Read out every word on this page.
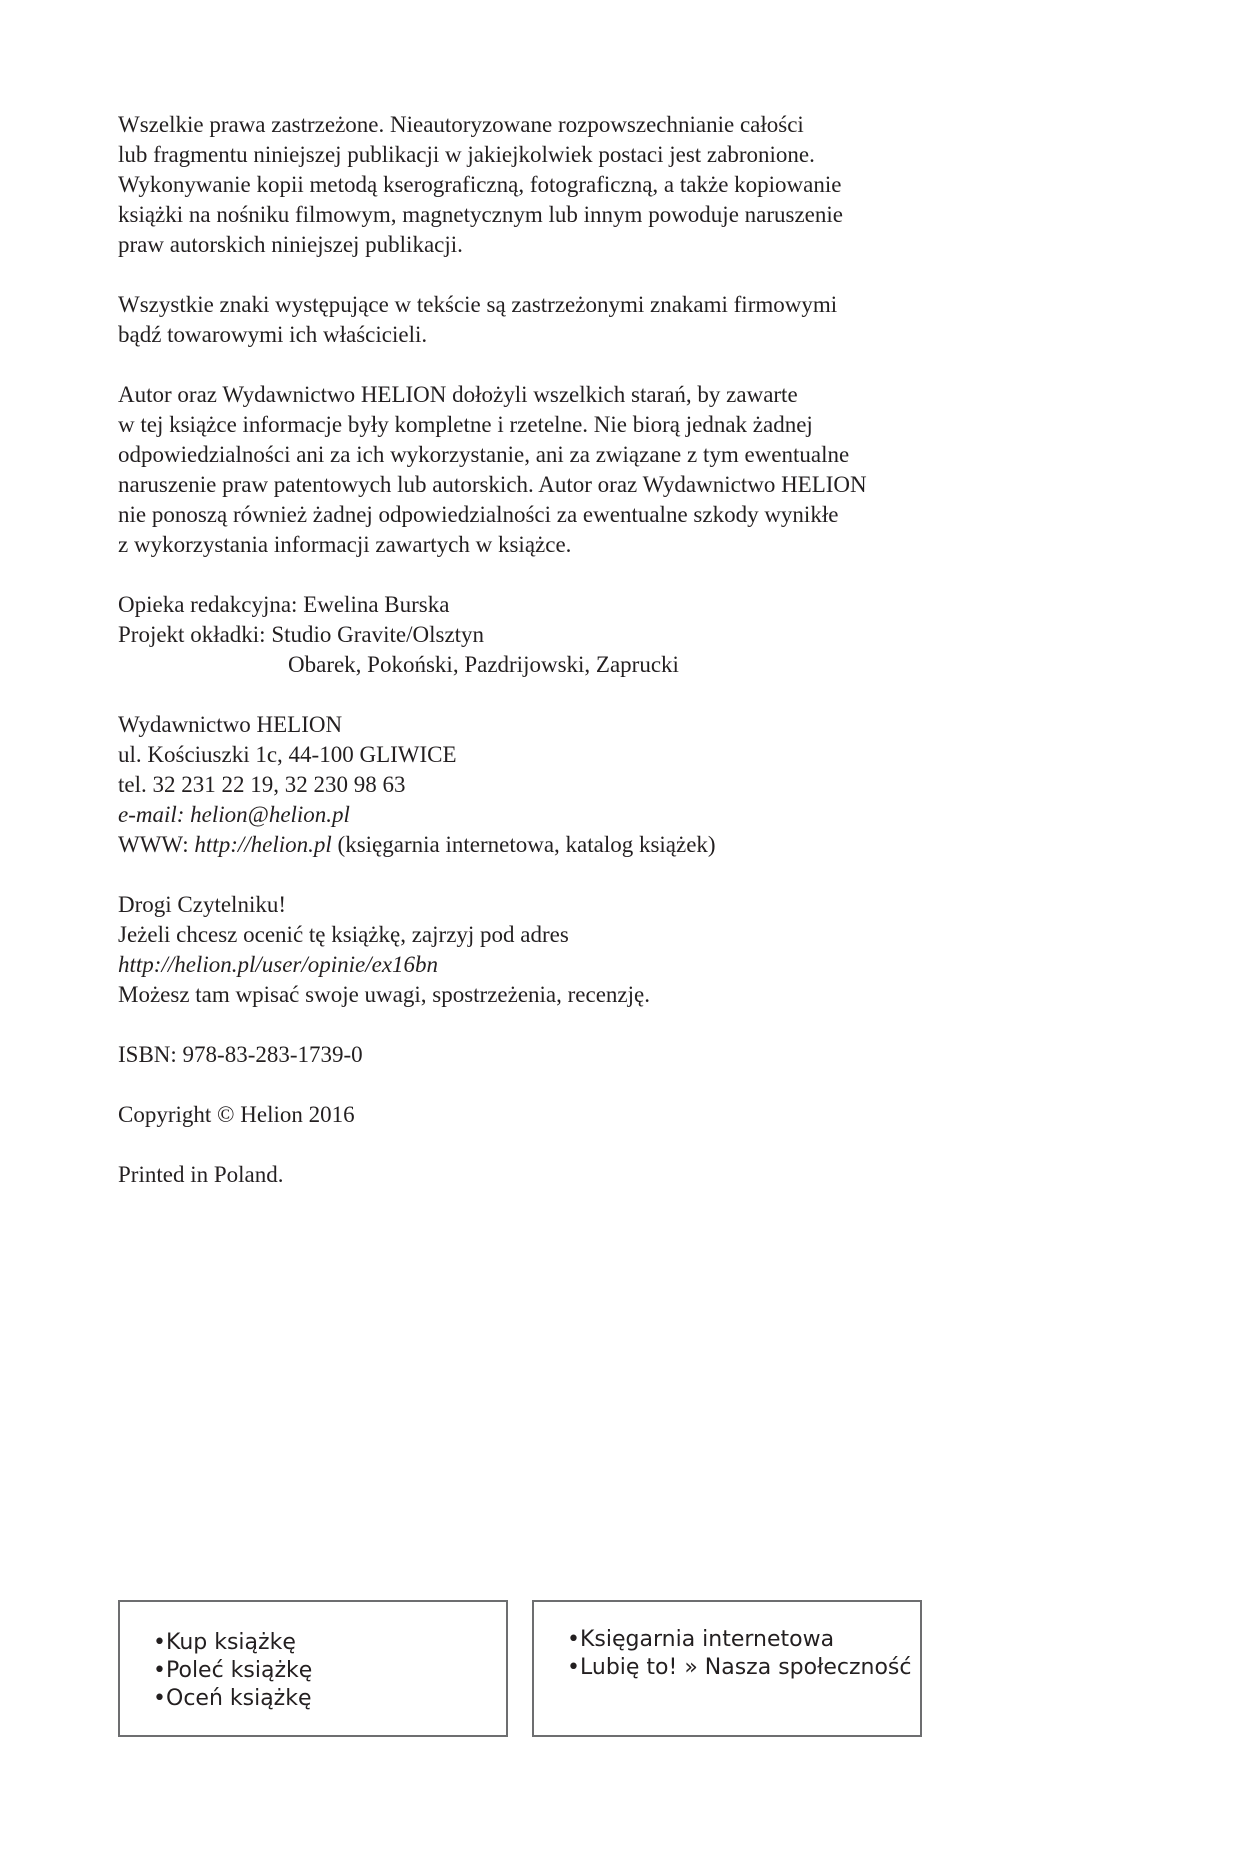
Wszelkie prawa zastrzeżone. Nieautoryzowane rozpowszechnianie całości
lub fragmentu niniejszej publikacji w jakiejkolwiek postaci jest zabronione.
Wykonywanie kopii metodą kserograficzną, fotograficzną, a także kopiowanie
książki na nośniku filmowym, magnetycznym lub innym powoduje naruszenie
praw autorskich niniejszej publikacji.

Wszystkie znaki występujące w tekście są zastrzeżonymi znakami firmowymi
bądź towarowymi ich właścicieli.

Autor oraz Wydawnictwo HELION dołożyli wszelkich starań, by zawarte
w tej książce informacje były kompletne i rzetelne. Nie biorą jednak żadnej
odpowiedzialności ani za ich wykorzystanie, ani za związane z tym ewentualne
naruszenie praw patentowych lub autorskich. Autor oraz Wydawnictwo HELION
nie ponoszą również żadnej odpowiedzialności za ewentualne szkody wynikłe
z wykorzystania informacji zawartych w książce.

Opieka redakcyjna: Ewelina Burska
Projekt okładki: Studio Gravite/Olsztyn
Obarek, Pokoński, Pazdrijowski, Zaprucki

Wydawnictwo HELION
ul. Kościuszki 1c, 44-100 GLIWICE
tel. 32 231 22 19, 32 230 98 63
e-mail: helion@helion.pl
WWW: http://helion.pl (księgarnia internetowa, katalog książek)

Drogi Czytelniku!
Jeżeli chcesz ocenić tę książkę, zajrzyj pod adres
http://helion.pl/user/opinie/ex16bn
Możesz tam wpisać swoje uwagi, spostrzeżenia, recenzję.

ISBN: 978-83-283-1739-0

Copyright © Helion 2016

Printed in Poland.

•Kup książkę
•Poleć książkę
•Oceń książkę
•Księgarnia internetowa
•Lubię to! » Nasza społeczność
